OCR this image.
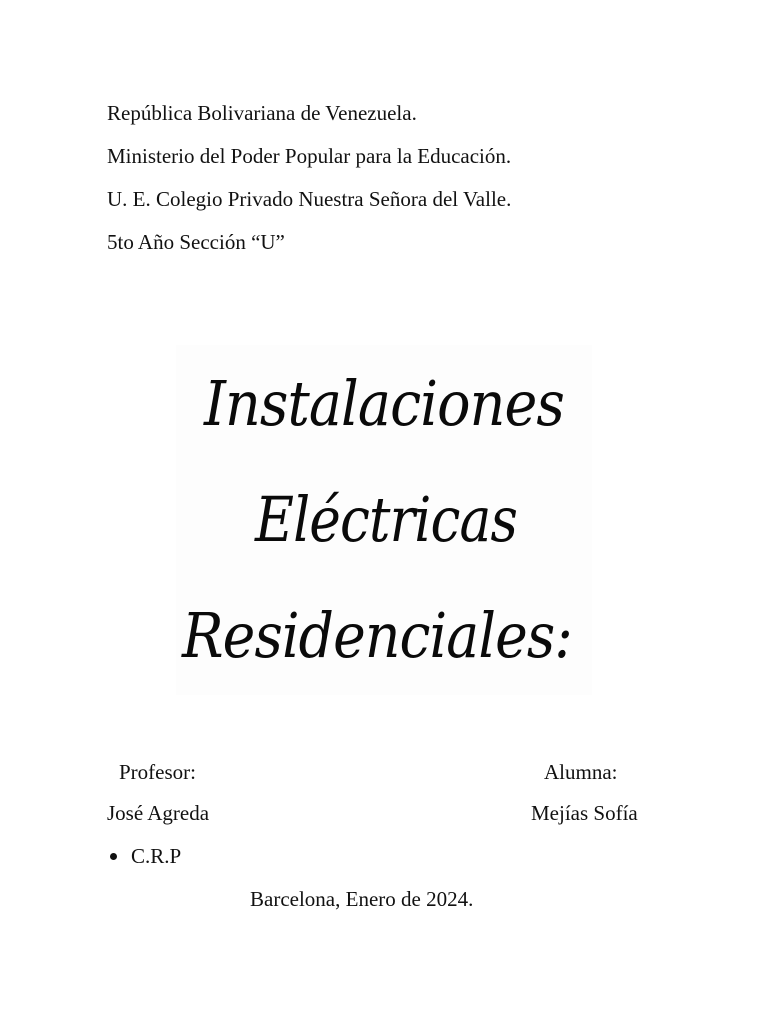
República Bolivariana de Venezuela.
Ministerio del Poder Popular para la Educación.
U. E. Colegio Privado Nuestra Señora del Valle.
5to Año Sección “U”
Instalaciones
Eléctricas
Residenciales:
Profesor:	Alumna:
José Agreda	Mejías Sofía
C.R.P
Barcelona, Enero de 2024.
